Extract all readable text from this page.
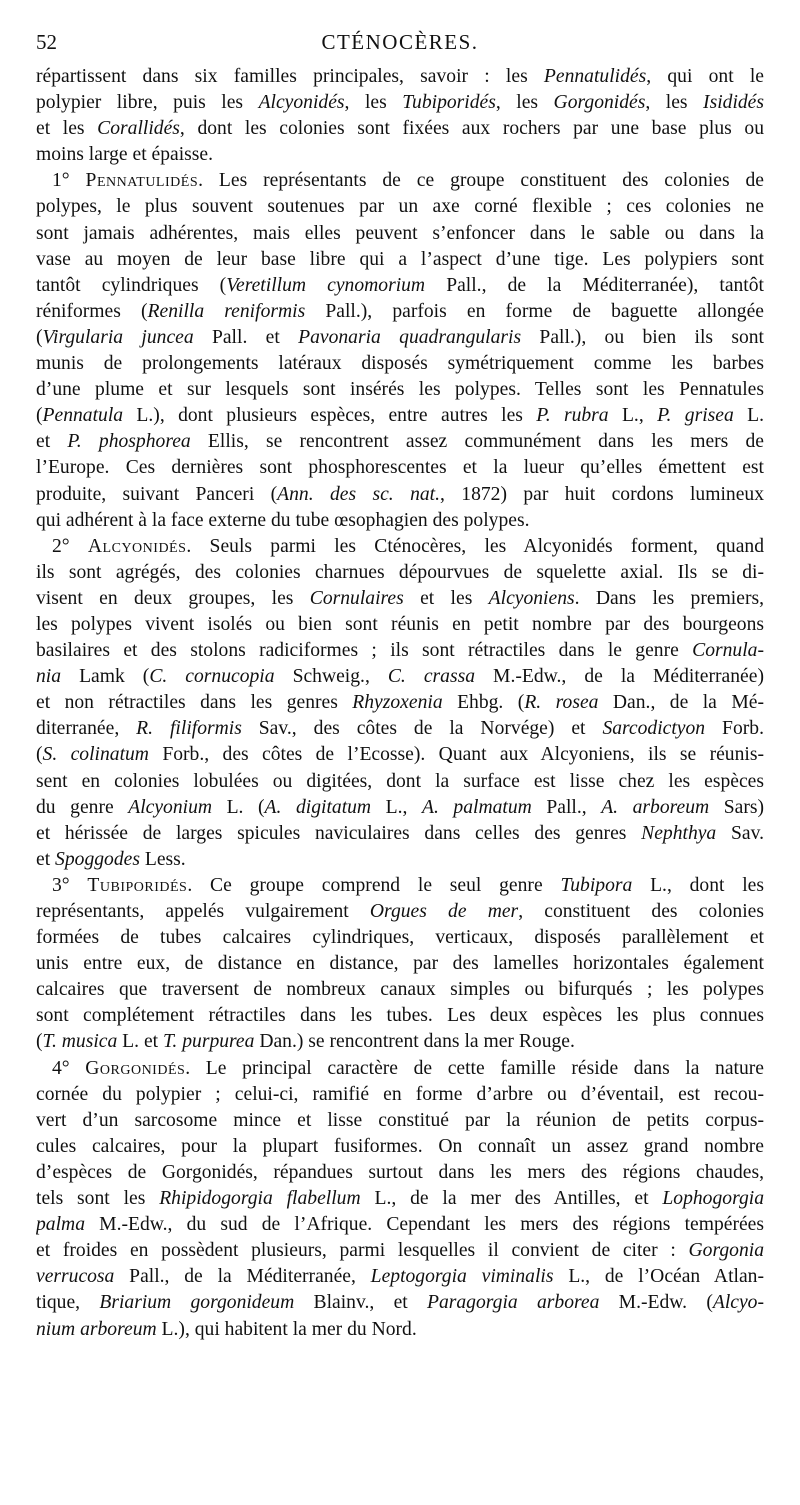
52	CTÉNOCÈRES.
répartissent dans six familles principales, savoir : les Pennatulidés, qui ont le
polypier libre, puis les Alcyonidés, les Tubiporidés, les Gorgonidés, les Isididés
et les Corallidés, dont les colonies sont fixées aux rochers par une base plus ou
moins large et épaisse.
1° Pennatulidés. Les représentants de ce groupe constituent des colonies de
polypes, le plus souvent soutenues par un axe corné flexible ; ces colonies ne
sont jamais adhérentes, mais elles peuvent s’enfoncer dans le sable ou dans la
vase au moyen de leur base libre qui a l’aspect d’une tige. Les polypiers sont
tantôt cylindriques (Veretillum cynomorium Pall., de la Méditerranée), tantôt
réniformes (Renilla reniformis Pall.), parfois en forme de baguette allongée
(Virgularia juncea Pall. et Pavonaria quadrangularis Pall.), ou bien ils sont
munis de prolongements latéraux disposés symétriquement comme les barbes
d’une plume et sur lesquels sont insérés les polypes. Telles sont les Pennatules
(Pennatula L.), dont plusieurs espèces, entre autres les P. rubra L., P. grisea L.
et P. phosphorea Ellis, se rencontrent assez communément dans les mers de
l’Europe. Ces dernières sont phosphorescentes et la lueur qu’elles émettent est
produite, suivant Panceri (Ann. des sc. nat., 1872) par huit cordons lumineux
qui adhérent à la face externe du tube œsophagien des polypes.
2° Alcyonidés. Seuls parmi les Cténocères, les Alcyonidés forment, quand
ils sont agrégés, des colonies charnues dépourvues de squelette axial. Ils se di-
visent en deux groupes, les Cornulaires et les Alcyoniens. Dans les premiers,
les polypes vivent isolés ou bien sont réunis en petit nombre par des bourgeons
basilaires et des stolons radiciformes ; ils sont rétractiles dans le genre Cornula-
nia Lamk (C. cornucopia Schweig., C. crassa M.-Edw., de la Méditerranée)
et non rétractiles dans les genres Rhyzoxenia Ehbg. (R. rosea Dan., de la Mé-
diterranée, R. filiformis Sav., des côtes de la Norvége) et Sarcodictyon Forb.
(S. colinatum Forb., des côtes de l’Ecosse). Quant aux Alcyoniens, ils se réunis-
sent en colonies lobulées ou digitées, dont la surface est lisse chez les espèces
du genre Alcyonium L. (A. digitatum L., A. palmatum Pall., A. arboreum Sars)
et hérissée de larges spicules naviculaires dans celles des genres Nephthya Sav.
et Spoggodes Less.
3° Tubiporidés. Ce groupe comprend le seul genre Tubipora L., dont les
représentants, appelés vulgairement Orgues de mer, constituent des colonies
formées de tubes calcaires cylindriques, verticaux, disposés parallèlement et
unis entre eux, de distance en distance, par des lamelles horizontales également
calcaires que traversent de nombreux canaux simples ou bifurqués ; les polypes
sont complétement rétractiles dans les tubes. Les deux espèces les plus connues
(T. musica L. et T. purpurea Dan.) se rencontrent dans la mer Rouge.
4° Gorgonidés. Le principal caractère de cette famille réside dans la nature
cornée du polypier ; celui-ci, ramifié en forme d’arbre ou d’éventail, est recou-
vert d’un sarcosome mince et lisse constitué par la réunion de petits corpus-
cules calcaires, pour la plupart fusiformes. On connaît un assez grand nombre
d’espèces de Gorgonidés, répandues surtout dans les mers des régions chaudes,
tels sont les Rhipidogorgia flabellum L., de la mer des Antilles, et Lophogorgia
palma M.-Edw., du sud de l’Afrique. Cependant les mers des régions tempérées
et froides en possèdent plusieurs, parmi lesquelles il convient de citer : Gorgonia
verrucosa Pall., de la Méditerranée, Leptogorgia viminalis L., de l’Océan Atlan-
tique, Briarium gorgonideum Blainv., et Paragorgia arborea M.-Edw. (Alcyo-
nium arboreum L.), qui habitent la mer du Nord.
